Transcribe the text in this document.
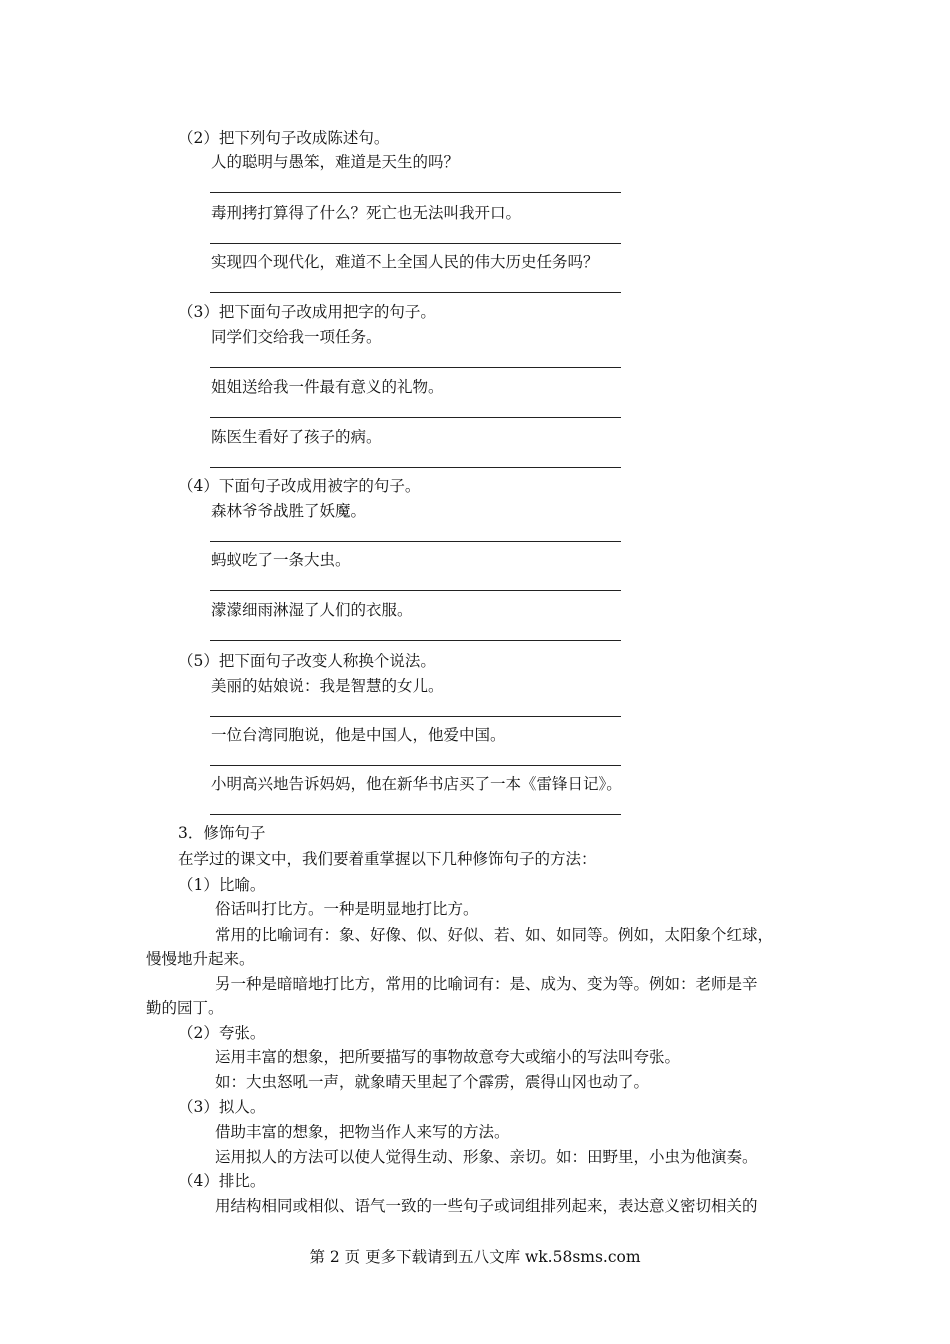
（2）把下列句子改成陈述句。
人的聪明与愚笨，难道是天生的吗？
毒刑拷打算得了什么？死亡也无法叫我开口。
实现四个现代化，难道不上全国人民的伟大历史任务吗？
（3）把下面句子改成用把字的句子。
同学们交给我一项任务。
姐姐送给我一件最有意义的礼物。
陈医生看好了孩子的病。
（4）下面句子改成用被字的句子。
森林爷爷战胜了妖魔。
蚂蚁吃了一条大虫。
濛濛细雨淋湿了人们的衣服。
（5）把下面句子改变人称换个说法。
美丽的姑娘说：我是智慧的女儿。
一位台湾同胞说，他是中国人，他爱中国。
小明高兴地告诉妈妈，他在新华书店买了一本《雷锋日记》。
3．修饰句子
在学过的课文中，我们要着重掌握以下几种修饰句子的方法：
（1）比喻。
俗话叫打比方。一种是明显地打比方。
常用的比喻词有：象、好像、似、好似、若、如、如同等。例如，太阳象个红球，
慢慢地升起来。
另一种是暗暗地打比方，常用的比喻词有：是、成为、变为等。例如：老师是辛
勤的园丁。
（2）夸张。
运用丰富的想象，把所要描写的事物故意夸大或缩小的写法叫夸张。
如：大虫怒吼一声，就象晴天里起了个霹雳，震得山冈也动了。
（3）拟人。
借助丰富的想象，把物当作人来写的方法。
运用拟人的方法可以使人觉得生动、形象、亲切。如：田野里，小虫为他演奏。
（4）排比。
用结构相同或相似、语气一致的一些句子或词组排列起来，表达意义密切相关的
第 2 页 更多下载请到五八文库 wk.58sms.com
